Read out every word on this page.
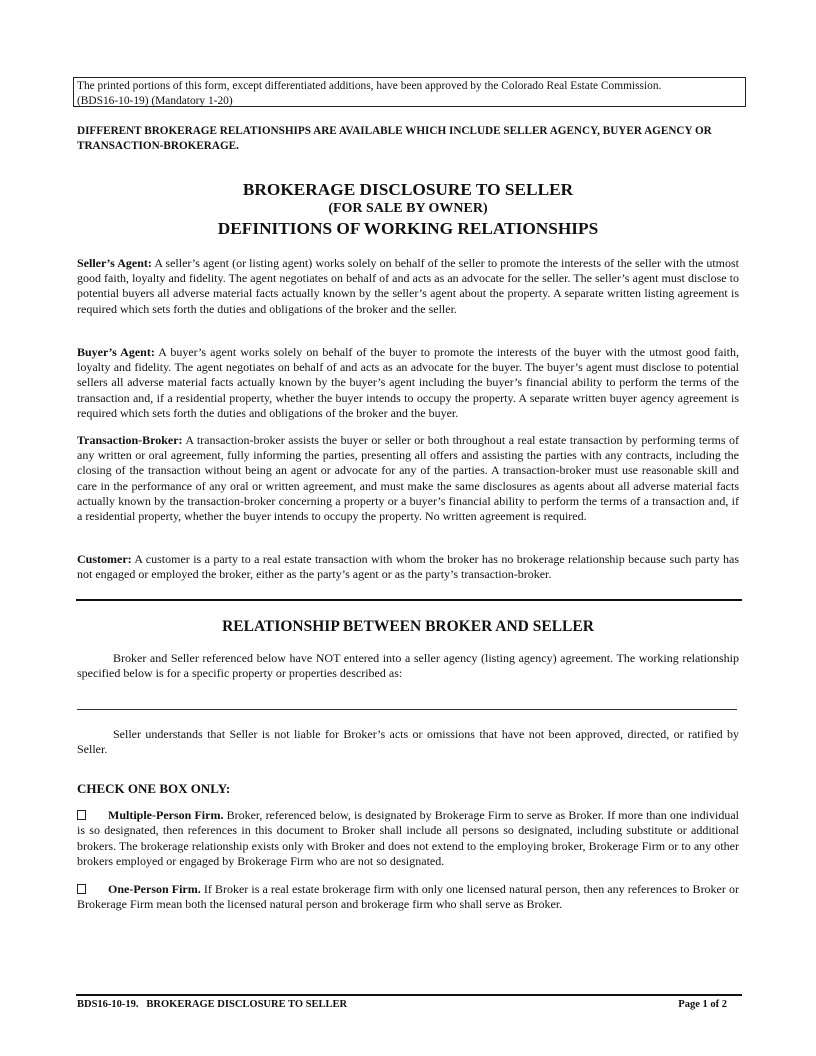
The printed portions of this form, except differentiated additions, have been approved by the Colorado Real Estate Commission.
(BDS16-10-19) (Mandatory 1-20)
DIFFERENT BROKERAGE RELATIONSHIPS ARE AVAILABLE WHICH INCLUDE SELLER AGENCY, BUYER AGENCY OR TRANSACTION-BROKERAGE.
BROKERAGE DISCLOSURE TO SELLER
(FOR SALE BY OWNER)
DEFINITIONS OF WORKING RELATIONSHIPS
Seller’s Agent: A seller’s agent (or listing agent) works solely on behalf of the seller to promote the interests of the seller with the utmost good faith, loyalty and fidelity. The agent negotiates on behalf of and acts as an advocate for the seller. The seller’s agent must disclose to potential buyers all adverse material facts actually known by the seller’s agent about the property. A separate written listing agreement is required which sets forth the duties and obligations of the broker and the seller.
Buyer’s Agent: A buyer’s agent works solely on behalf of the buyer to promote the interests of the buyer with the utmost good faith, loyalty and fidelity. The agent negotiates on behalf of and acts as an advocate for the buyer. The buyer’s agent must disclose to potential sellers all adverse material facts actually known by the buyer’s agent including the buyer’s financial ability to perform the terms of the transaction and, if a residential property, whether the buyer intends to occupy the property. A separate written buyer agency agreement is required which sets forth the duties and obligations of the broker and the buyer.
Transaction-Broker: A transaction-broker assists the buyer or seller or both throughout a real estate transaction by performing terms of any written or oral agreement, fully informing the parties, presenting all offers and assisting the parties with any contracts, including the closing of the transaction without being an agent or advocate for any of the parties. A transaction-broker must use reasonable skill and care in the performance of any oral or written agreement, and must make the same disclosures as agents about all adverse material facts actually known by the transaction-broker concerning a property or a buyer’s financial ability to perform the terms of a transaction and, if a residential property, whether the buyer intends to occupy the property. No written agreement is required.
Customer: A customer is a party to a real estate transaction with whom the broker has no brokerage relationship because such party has not engaged or employed the broker, either as the party’s agent or as the party’s transaction-broker.
RELATIONSHIP BETWEEN BROKER AND SELLER
Broker and Seller referenced below have NOT entered into a seller agency (listing agency) agreement. The working relationship specified below is for a specific property or properties described as:
Seller understands that Seller is not liable for Broker’s acts or omissions that have not been approved, directed, or ratified by Seller.
CHECK ONE BOX ONLY:
Multiple-Person Firm. Broker, referenced below, is designated by Brokerage Firm to serve as Broker. If more than one individual is so designated, then references in this document to Broker shall include all persons so designated, including substitute or additional brokers. The brokerage relationship exists only with Broker and does not extend to the employing broker, Brokerage Firm or to any other brokers employed or engaged by Brokerage Firm who are not so designated.
One-Person Firm. If Broker is a real estate brokerage firm with only one licensed natural person, then any references to Broker or Brokerage Firm mean both the licensed natural person and brokerage firm who shall serve as Broker.
BDS16-10-19.   BROKERAGE DISCLOSURE TO SELLER	Page 1 of 2
